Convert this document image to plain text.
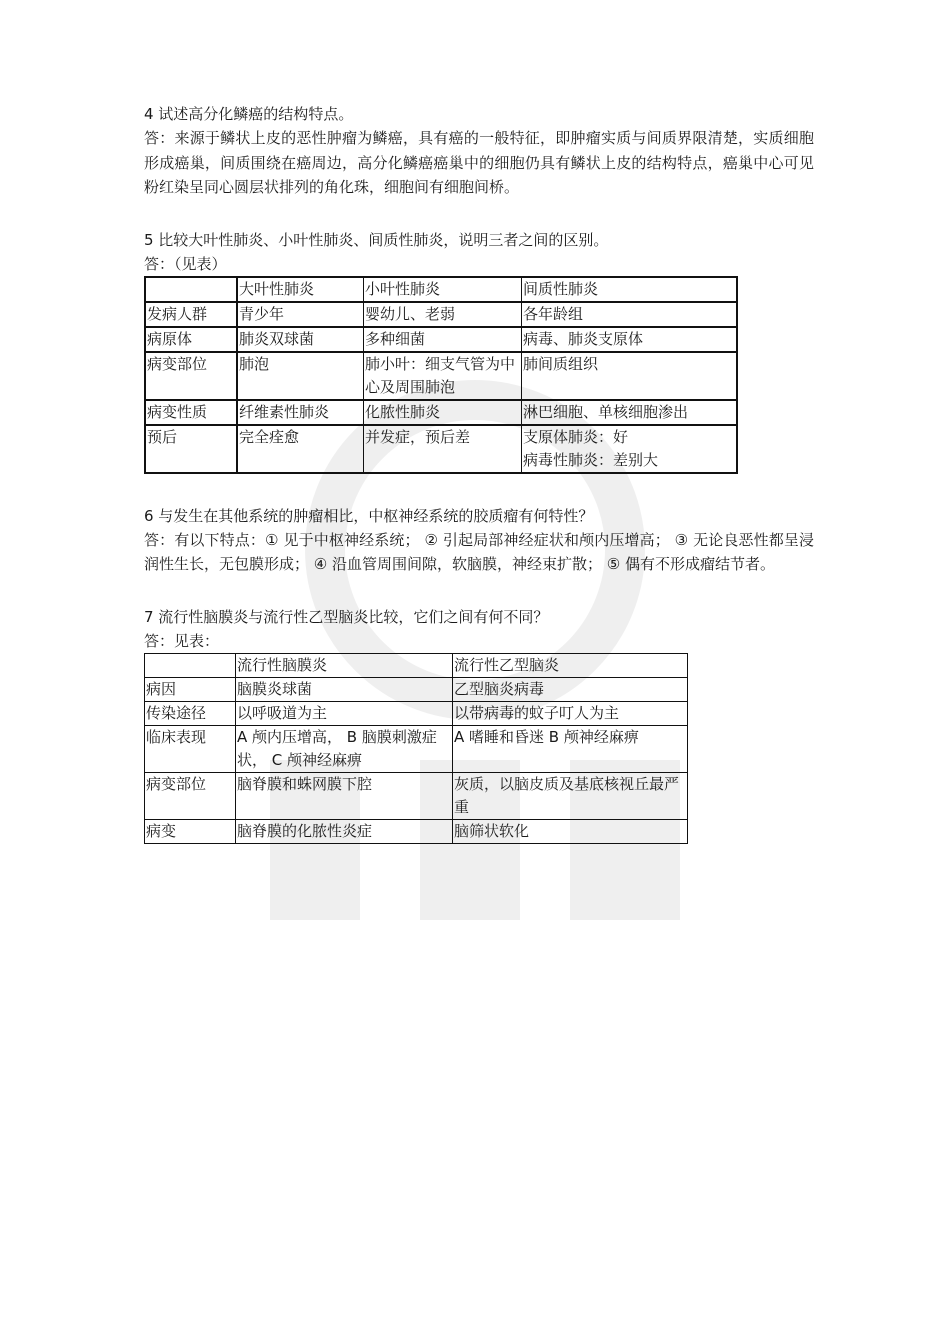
4 试述高分化鳞癌的结构特点。

答：来源于鳞状上皮的恶性肿瘤为鳞癌，具有癌的一般特征，即肿瘤实质与间质界限清楚，实质细胞形成癌巢，间质围绕在癌周边，高分化鳞癌癌巢中的细胞仍具有鳞状上皮的结构特点，癌巢中心可见粉红染呈同心圆层状排列的角化珠，细胞间有细胞间桥。

5 比较大叶性肺炎、小叶性肺炎、间质性肺炎，说明三者之间的区别。

答：（见表）

	大叶性肺炎	小叶性肺炎	间质性肺炎

发病人群	青少年	婴幼儿、老弱	各年龄组

病原体	肺炎双球菌	多种细菌	病毒、肺炎支原体

病变部位	肺泡	肺小叶：细支气管为中心及周围肺泡	肺间质组织

病变性质	纤维素性肺炎	化脓性肺炎	淋巴细胞、单核细胞渗出

预后	完全痊愈	并发症，预后差	支原体肺炎：好
病毒性肺炎：差别大

6 与发生在其他系统的肿瘤相比，中枢神经系统的胶质瘤有何特性？

答：有以下特点：① 见于中枢神经系统； ② 引起局部神经症状和颅内压增高； ③ 无论良恶性都呈浸润性生长，无包膜形成； ④ 沿血管周围间隙，软脑膜，神经束扩散； ⑤ 偶有不形成瘤结节者。

7 流行性脑膜炎与流行性乙型脑炎比较，它们之间有何不同？

答：见表：

	流行性脑膜炎	流行性乙型脑炎

病因	脑膜炎球菌	乙型脑炎病毒

传染途径	以呼吸道为主	以带病毒的蚊子叮人为主

临床表现	A 颅内压增高， B 脑膜刺激症状， C 颅神经麻痹	A 嗜睡和昏迷 B 颅神经麻痹

病变部位	脑脊膜和蛛网膜下腔	灰质，以脑皮质及基底核视丘最严重

病变	脑脊膜的化脓性炎症	脑筛状软化
